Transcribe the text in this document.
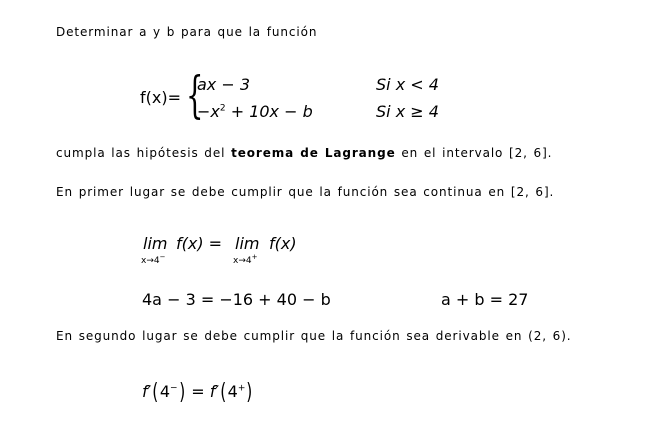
Determinar a y b para que la función
f(x)= {
ax − 3	Si x < 4
$-x^2 + 10x - b$	Si x ≥ 4
cumpla las hipótesis del teorema de Lagrange en el intervalo [2, 6].
En primer lugar se debe cumplir que la función sea continua en [2, 6].
lim f(x) =
x→4−
lim f(x)
x→4+
4a − 3 = −16 + 40 − b	a + b = 27
En segundo lugar se debe cumplir que la función sea derivable en (2, 6).
f′(4−) = f′(4+)
